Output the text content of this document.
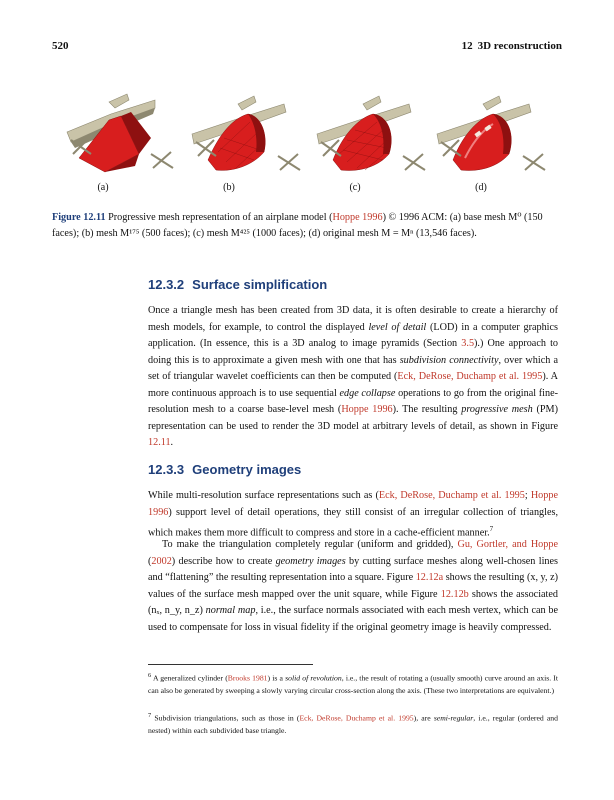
520	12 3D reconstruction
(a)	(b)	(c)	(d)
Figure 12.11 Progressive mesh representation of an airplane model (Hoppe 1996) © 1996 ACM: (a) base mesh M⁰ (150 faces); (b) mesh M¹⁷⁵ (500 faces); (c) mesh M⁴²⁵ (1000 faces); (d) original mesh M = Mⁿ (13,546 faces).
12.3.2 Surface simplification
Once a triangle mesh has been created from 3D data, it is often desirable to create a hierarchy of mesh models, for example, to control the displayed level of detail (LOD) in a computer graphics application. (In essence, this is a 3D analog to image pyramids (Section 3.5).) One approach to doing this is to approximate a given mesh with one that has subdivision connectivity, over which a set of triangular wavelet coefficients can then be computed (Eck, DeRose, Duchamp et al. 1995). A more continuous approach is to use sequential edge collapse operations to go from the original fine-resolution mesh to a coarse base-level mesh (Hoppe 1996). The resulting progressive mesh (PM) representation can be used to render the 3D model at arbitrary levels of detail, as shown in Figure 12.11.
12.3.3 Geometry images
While multi-resolution surface representations such as (Eck, DeRose, Duchamp et al. 1995; Hoppe 1996) support level of detail operations, they still consist of an irregular collection of triangles, which makes them more difficult to compress and store in a cache-efficient manner.$^7$
To make the triangulation completely regular (uniform and gridded), Gu, Gortler, and Hoppe (2002) describe how to create geometry images by cutting surface meshes along well-chosen lines and “flattening” the resulting representation into a square. Figure 12.12a shows the resulting (x, y, z) values of the surface mesh mapped over the unit square, while Figure 12.12b shows the associated (nₓ, n_y, n_z) normal map, i.e., the surface normals associated with each mesh vertex, which can be used to compensate for loss in visual fidelity if the original geometry image is heavily compressed.
$^6$ A generalized cylinder (Brooks 1981) is a solid of revolution, i.e., the result of rotating a (usually smooth) curve around an axis. It can also be generated by sweeping a slowly varying circular cross-section along the axis. (These two interpretations are equivalent.)
$^7$ Subdivision triangulations, such as those in (Eck, DeRose, Duchamp et al. 1995), are semi-regular, i.e., regular (ordered and nested) within each subdivided base triangle.
